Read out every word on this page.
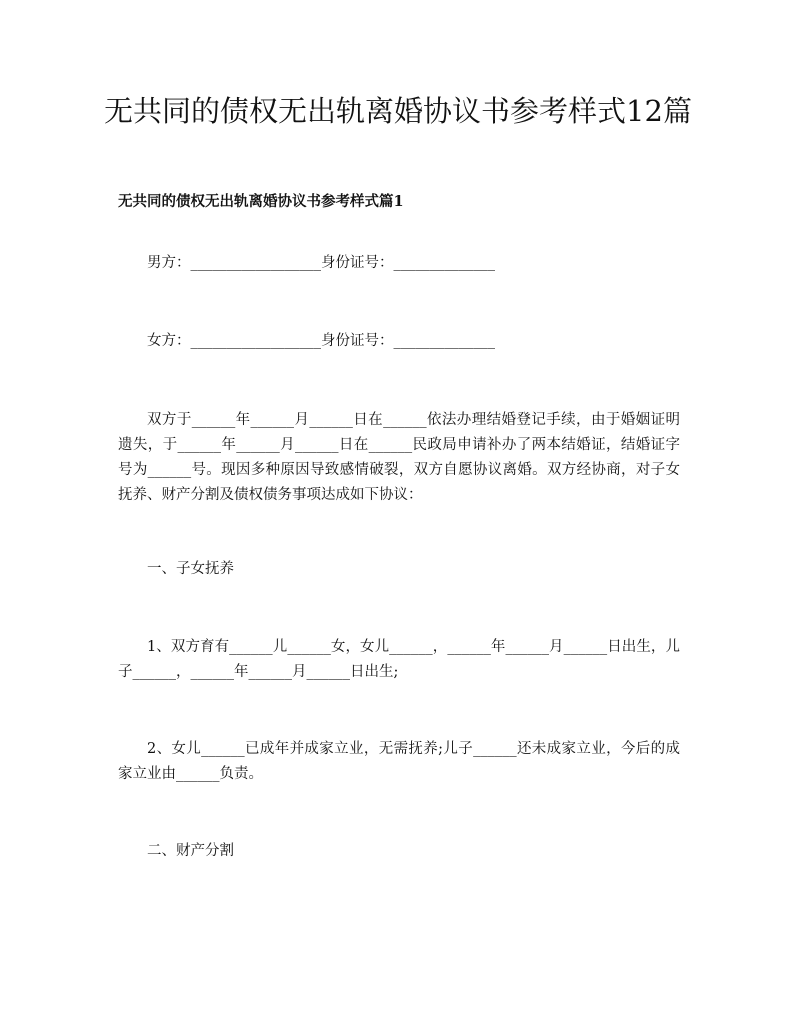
无共同的债权无出轨离婚协议书参考样式12篇

无共同的债权无出轨离婚协议书参考样式篇1

男方：__________________身份证号：______________

女方：__________________身份证号：______________

双方于______年______月______日在______依法办理结婚登记手续，由于婚姻证明遗失，于______年______月______日在______民政局申请补办了两本结婚证，结婚证字号为______号。现因多种原因导致感情破裂，双方自愿协议离婚。双方经协商，对子女抚养、财产分割及债权债务事项达成如下协议：

一、子女抚养

1、双方育有______儿______女，女儿______，______年______月______日出生，儿子______，______年______月______日出生;

2、女儿______已成年并成家立业，无需抚养;儿子______还未成家立业，今后的成家立业由______负责。

二、财产分割
